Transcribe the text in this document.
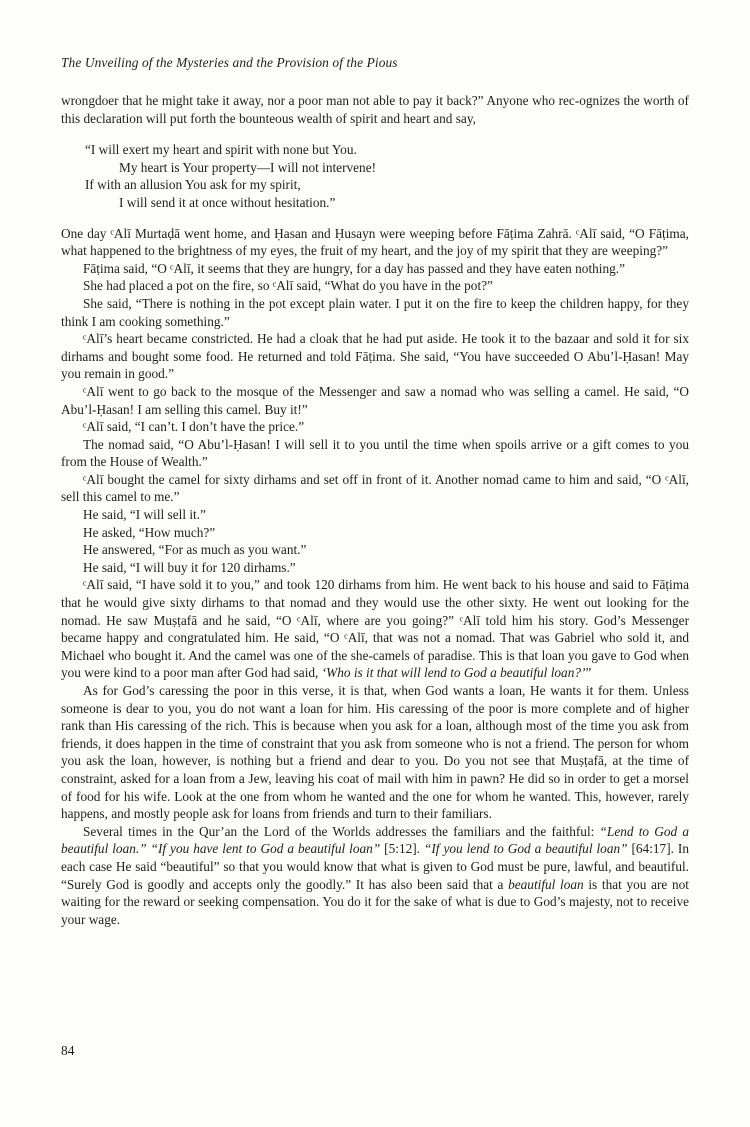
The Unveiling of the Mysteries and the Provision of the Pious

wrongdoer that he might take it away, nor a poor man not able to pay it back?” Anyone who rec-ognizes the worth of this declaration will put forth the bounteous wealth of spirit and heart and say,

“I will exert my heart and spirit with none but You.
My heart is Your property—I will not intervene!
If with an allusion You ask for my spirit,
I will send it at once without hesitation.”

One day ᶜAlī Murtaḍā went home, and Ḥasan and Ḥusayn were weeping before Fāṭima Zahrā. ᶜAlī said, “O Fāṭima, what happened to the brightness of my eyes, the fruit of my heart, and the joy of my spirit that they are weeping?”

Fāṭima said, “O ᶜAlī, it seems that they are hungry, for a day has passed and they have eaten nothing.”

She had placed a pot on the fire, so ᶜAlī said, “What do you have in the pot?”

She said, “There is nothing in the pot except plain water. I put it on the fire to keep the children happy, for they think I am cooking something.”

ᶜAlī’s heart became constricted. He had a cloak that he had put aside. He took it to the bazaar and sold it for six dirhams and bought some food. He returned and told Fāṭima. She said, “You have succeeded O Abu’l-Ḥasan! May you remain in good.”

ᶜAlī went to go back to the mosque of the Messenger and saw a nomad who was selling a camel. He said, “O Abu’l-Ḥasan! I am selling this camel. Buy it!”

ᶜAlī said, “I can’t. I don’t have the price.”

The nomad said, “O Abu’l-Ḥasan! I will sell it to you until the time when spoils arrive or a gift comes to you from the House of Wealth.”

ᶜAlī bought the camel for sixty dirhams and set off in front of it. Another nomad came to him and said, “O ᶜAlī, sell this camel to me.”

He said, “I will sell it.”

He asked, “How much?”

He answered, “For as much as you want.”

He said, “I will buy it for 120 dirhams.”

ᶜAlī said, “I have sold it to you,” and took 120 dirhams from him. He went back to his house and said to Fāṭima that he would give sixty dirhams to that nomad and they would use the other sixty. He went out looking for the nomad. He saw Muṣṭafā and he said, “O ᶜAlī, where are you going?” ᶜAlī told him his story. God’s Messenger became happy and congratulated him. He said, “O ᶜAlī, that was not a nomad. That was Gabriel who sold it, and Michael who bought it. And the camel was one of the she-camels of paradise. This is that loan you gave to God when you were kind to a poor man after God had said, ‘Who is it that will lend to God a beautiful loan?’”

As for God’s caressing the poor in this verse, it is that, when God wants a loan, He wants it for them. Unless someone is dear to you, you do not want a loan for him. His caressing of the poor is more complete and of higher rank than His caressing of the rich. This is because when you ask for a loan, although most of the time you ask from friends, it does happen in the time of constraint that you ask from someone who is not a friend. The person for whom you ask the loan, however, is nothing but a friend and dear to you. Do you not see that Muṣṭafā, at the time of constraint, asked for a loan from a Jew, leaving his coat of mail with him in pawn? He did so in order to get a morsel of food for his wife. Look at the one from whom he wanted and the one for whom he wanted. This, however, rarely happens, and mostly people ask for loans from friends and turn to their familiars.

Several times in the Qur’an the Lord of the Worlds addresses the familiars and the faithful: “Lend to God a beautiful loan.” “If you have lent to God a beautiful loan” [5:12]. “If you lend to God a beautiful loan” [64:17]. In each case He said “beautiful” so that you would know that what is given to God must be pure, lawful, and beautiful. “Surely God is goodly and accepts only the goodly.” It has also been said that a beautiful loan is that you are not waiting for the reward or seeking compensation. You do it for the sake of what is due to God’s majesty, not to receive your wage.

84
